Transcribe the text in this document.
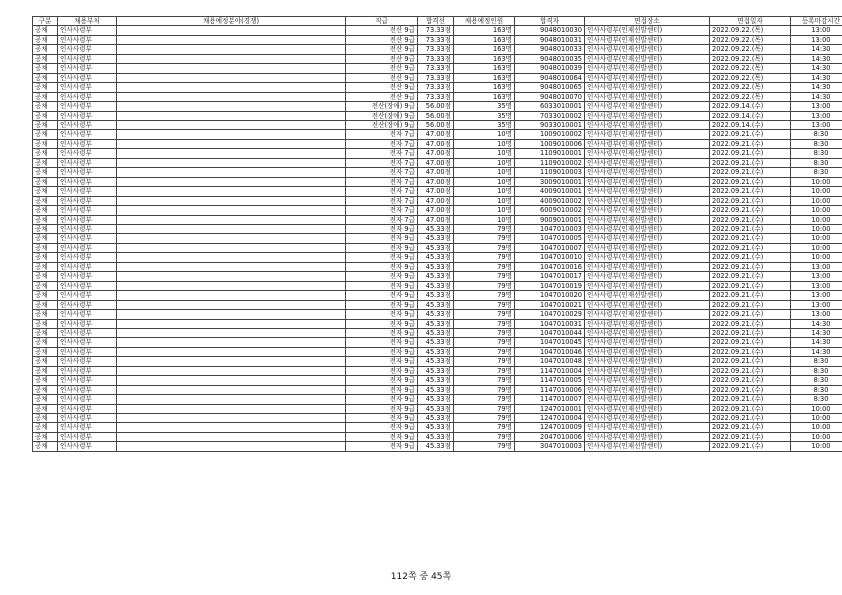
구분	채용부처	채용예정분야(경쟁)	직급	합격선	채용예정인원	합격자	면접장소	면접일자	등록마감시간
공채	인사사령부		전산 9급	73.33점	163명	9048010030	인사사령부(인재선발센터)	2022.09.22.(목)	13:00
공채	인사사령부		전산 9급	73.33점	163명	9048010031	인사사령부(인재선발센터)	2022.09.22.(목)	13:00
공채	인사사령부		전산 9급	73.33점	163명	9048010033	인사사령부(인재선발센터)	2022.09.22.(목)	14:30
공채	인사사령부		전산 9급	73.33점	163명	9048010035	인사사령부(인재선발센터)	2022.09.22.(목)	14:30
공채	인사사령부		전산 9급	73.33점	163명	9048010039	인사사령부(인재선발센터)	2022.09.22.(목)	14:30
공채	인사사령부		전산 9급	73.33점	163명	9048010064	인사사령부(인재선발센터)	2022.09.22.(목)	14:30
공채	인사사령부		전산 9급	73.33점	163명	9048010065	인사사령부(인재선발센터)	2022.09.22.(목)	14:30
공채	인사사령부		전산 9급	73.33점	163명	9048010070	인사사령부(인재선발센터)	2022.09.22.(목)	14:30
공채	인사사령부		전산(장애) 9급	56.00점	35명	6033010001	인사사령부(인재선발센터)	2022.09.14.(수)	13:00
공채	인사사령부		전산(장애) 9급	56.00점	35명	7033010002	인사사령부(인재선발센터)	2022.09.14.(수)	13:00
공채	인사사령부		전산(장애) 9급	56.00점	35명	9033010001	인사사령부(인재선발센터)	2022.09.14.(수)	13:00
공채	인사사령부		전자 7급	47.00점	10명	1009010002	인사사령부(인재선발센터)	2022.09.21.(수)	8:30
공채	인사사령부		전자 7급	47.00점	10명	1009010006	인사사령부(인재선발센터)	2022.09.21.(수)	8:30
공채	인사사령부		전자 7급	47.00점	10명	1109010001	인사사령부(인재선발센터)	2022.09.21.(수)	8:30
공채	인사사령부		전자 7급	47.00점	10명	1109010002	인사사령부(인재선발센터)	2022.09.21.(수)	8:30
공채	인사사령부		전자 7급	47.00점	10명	1109010003	인사사령부(인재선발센터)	2022.09.21.(수)	8:30
공채	인사사령부		전자 7급	47.00점	10명	3009010001	인사사령부(인재선발센터)	2022.09.21.(수)	10:00
공채	인사사령부		전자 7급	47.00점	10명	4009010001	인사사령부(인재선발센터)	2022.09.21.(수)	10:00
공채	인사사령부		전자 7급	47.00점	10명	4009010002	인사사령부(인재선발센터)	2022.09.21.(수)	10:00
공채	인사사령부		전자 7급	47.00점	10명	6009010002	인사사령부(인재선발센터)	2022.09.21.(수)	10:00
공채	인사사령부		전자 7급	47.00점	10명	9009010001	인사사령부(인재선발센터)	2022.09.21.(수)	10:00
공채	인사사령부		전자 9급	45.33점	79명	1047010003	인사사령부(인재선발센터)	2022.09.21.(수)	10:00
공채	인사사령부		전자 9급	45.33점	79명	1047010005	인사사령부(인재선발센터)	2022.09.21.(수)	10:00
공채	인사사령부		전자 9급	45.33점	79명	1047010007	인사사령부(인재선발센터)	2022.09.21.(수)	10:00
공채	인사사령부		전자 9급	45.33점	79명	1047010010	인사사령부(인재선발센터)	2022.09.21.(수)	10:00
공채	인사사령부		전자 9급	45.33점	79명	1047010016	인사사령부(인재선발센터)	2022.09.21.(수)	13:00
공채	인사사령부		전자 9급	45.33점	79명	1047010017	인사사령부(인재선발센터)	2022.09.21.(수)	13:00
공채	인사사령부		전자 9급	45.33점	79명	1047010019	인사사령부(인재선발센터)	2022.09.21.(수)	13:00
공채	인사사령부		전자 9급	45.33점	79명	1047010020	인사사령부(인재선발센터)	2022.09.21.(수)	13:00
공채	인사사령부		전자 9급	45.33점	79명	1047010021	인사사령부(인재선발센터)	2022.09.21.(수)	13:00
공채	인사사령부		전자 9급	45.33점	79명	1047010029	인사사령부(인재선발센터)	2022.09.21.(수)	13:00
공채	인사사령부		전자 9급	45.33점	79명	1047010031	인사사령부(인재선발센터)	2022.09.21.(수)	14:30
공채	인사사령부		전자 9급	45.33점	79명	1047010044	인사사령부(인재선발센터)	2022.09.21.(수)	14:30
공채	인사사령부		전자 9급	45.33점	79명	1047010045	인사사령부(인재선발센터)	2022.09.21.(수)	14:30
공채	인사사령부		전자 9급	45.33점	79명	1047010046	인사사령부(인재선발센터)	2022.09.21.(수)	14:30
공채	인사사령부		전자 9급	45.33점	79명	1047010048	인사사령부(인재선발센터)	2022.09.21.(수)	8:30
공채	인사사령부		전자 9급	45.33점	79명	1147010004	인사사령부(인재선발센터)	2022.09.21.(수)	8:30
공채	인사사령부		전자 9급	45.33점	79명	1147010005	인사사령부(인재선발센터)	2022.09.21.(수)	8:30
공채	인사사령부		전자 9급	45.33점	79명	1147010006	인사사령부(인재선발센터)	2022.09.21.(수)	8:30
공채	인사사령부		전자 9급	45.33점	79명	1147010007	인사사령부(인재선발센터)	2022.09.21.(수)	8:30
공채	인사사령부		전자 9급	45.33점	79명	1247010001	인사사령부(인재선발센터)	2022.09.21.(수)	10:00
공채	인사사령부		전자 9급	45.33점	79명	1247010004	인사사령부(인재선발센터)	2022.09.21.(수)	10:00
공채	인사사령부		전자 9급	45.33점	79명	1247010009	인사사령부(인재선발센터)	2022.09.21.(수)	10:00
공채	인사사령부		전자 9급	45.33점	79명	2047010006	인사사령부(인재선발센터)	2022.09.21.(수)	10:00
공채	인사사령부		전자 9급	45.33점	79명	3047010003	인사사령부(인재선발센터)	2022.09.21.(수)	10:00
112쪽 중 45쪽
